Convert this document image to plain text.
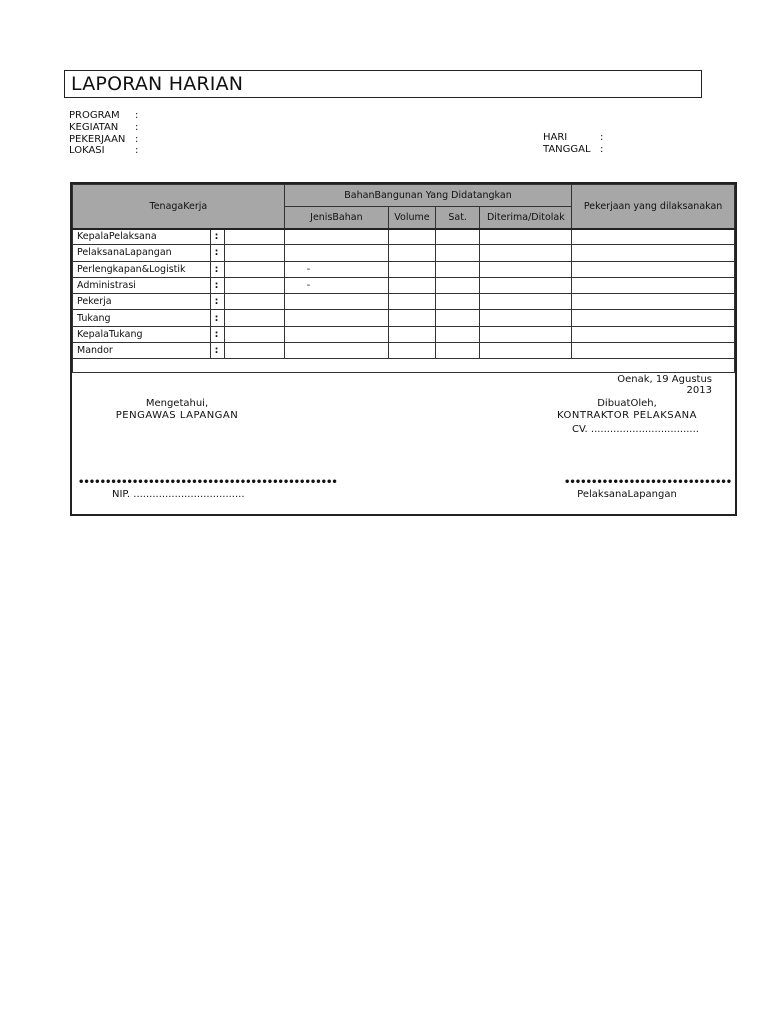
LAPORAN HARIAN
PROGRAM	:
KEGIATAN	:
PEKERJAAN :
LOKASI	:
HARI	:
TANGGAL :
TenagaKerja			BahanBangunan Yang Didatangkan				Pekerjaan yang dilaksanakan
			JenisBahan	Volume	Sat.	Diterima/Ditolak	
KepalaPelaksana	:						
PelaksanaLapangan	:						
Perlengkapan&Logistik	:		-				
Administrasi	:		-				
Pekerja	:						
Tukang	:						
KepalaTukang	:						
Mandor	:						

Oenak, 19 Agustus 2013
Mengetahui,
PENGAWAS LAPANGAN
••••••••••••••••••••••••••••••••••••••••••••••••
NIP. ...................................
DibuatOleh,
KONTRAKTOR PELAKSANA
CV. ..................................
•••••••••••••••••••••••••••••••
PelaksanaLapangan
